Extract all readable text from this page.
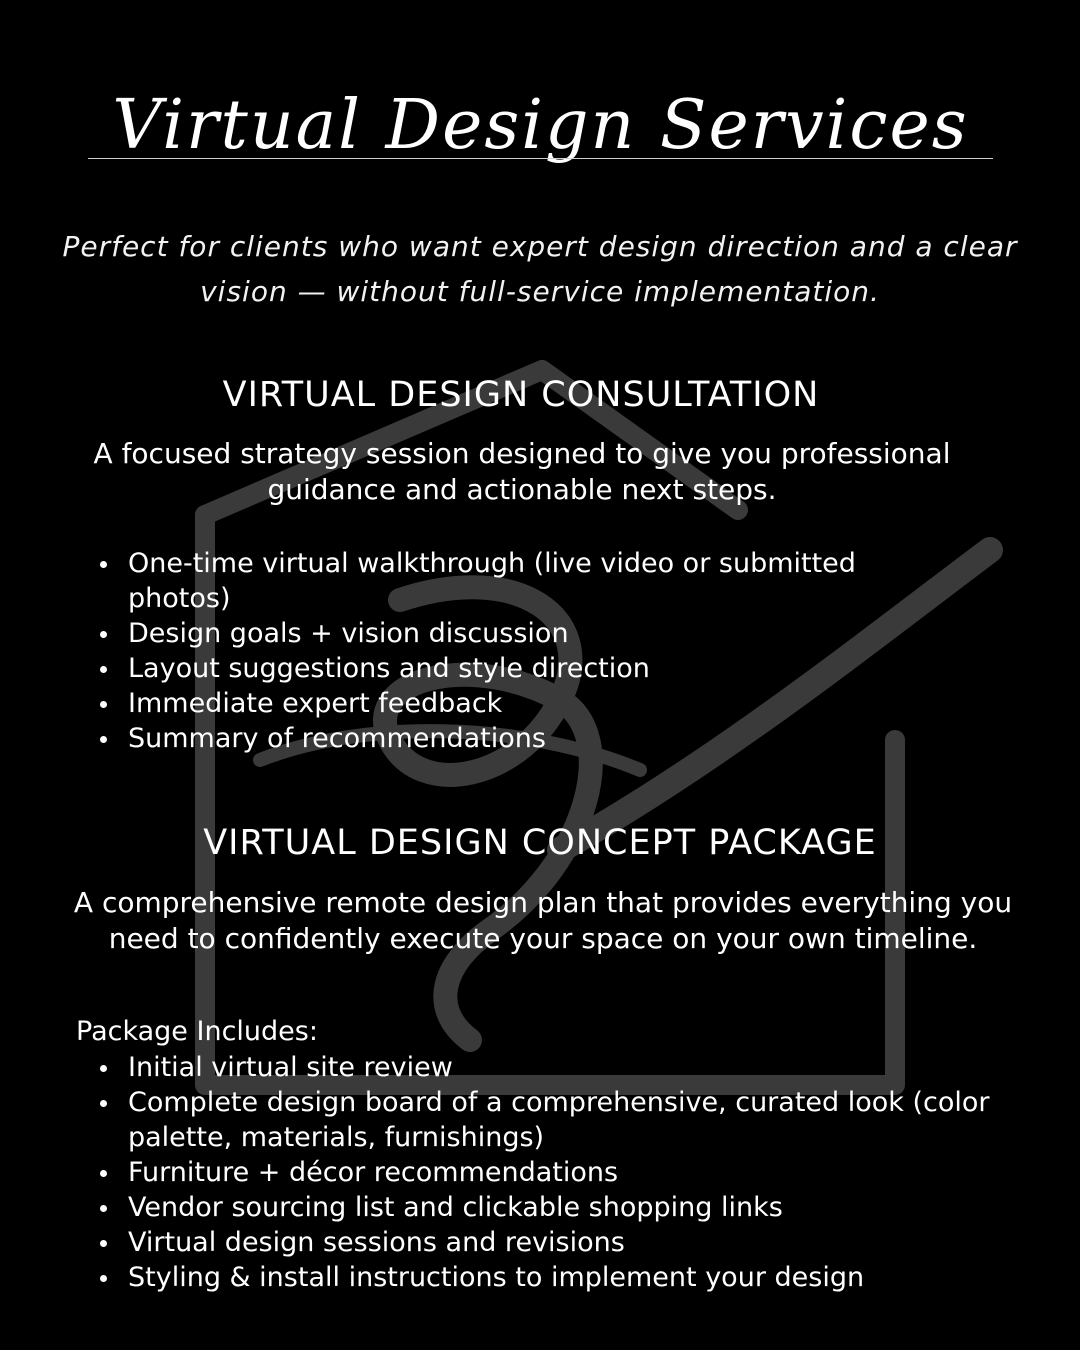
Virtual Design Services
Perfect for clients who want expert design direction and a clear vision — without full-service implementation.
VIRTUAL DESIGN CONSULTATION
A focused strategy session designed to give you professional guidance and actionable next steps.
One-time virtual walkthrough (live video or submitted photos)
Design goals + vision discussion
Layout suggestions and style direction
Immediate expert feedback
Summary of recommendations
VIRTUAL DESIGN CONCEPT PACKAGE
A comprehensive remote design plan that provides everything you need to confidently execute your space on your own timeline.
Package Includes:
Initial virtual site review
Complete design board of a comprehensive, curated look (color palette, materials, furnishings)
Furniture + décor recommendations
Vendor sourcing list and clickable shopping links
Virtual design sessions and revisions
Styling & install instructions to implement your design
